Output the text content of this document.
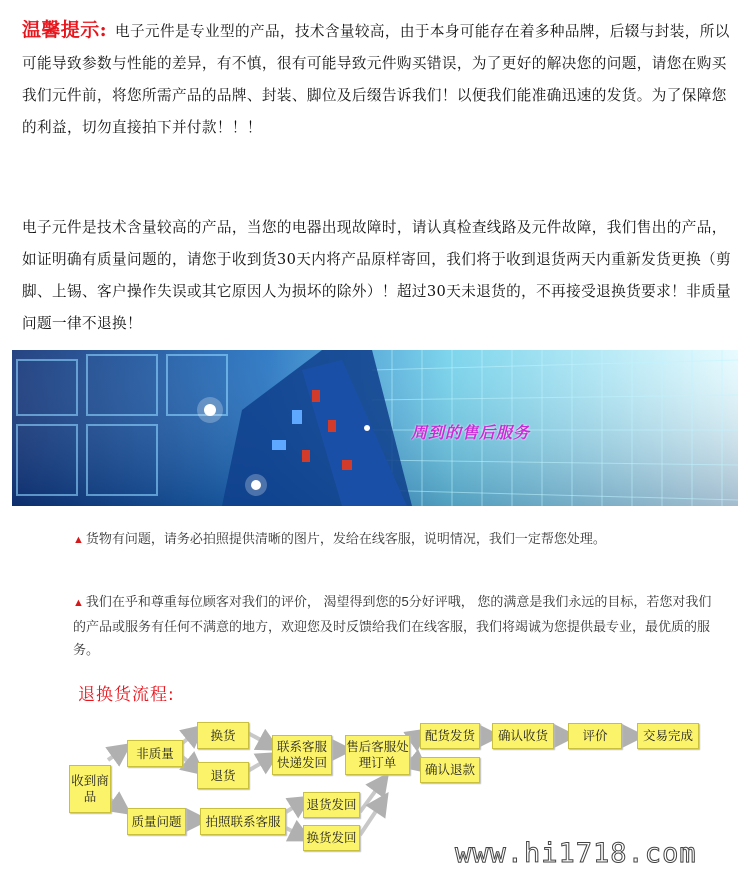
温馨提示: 电子元件是专业型的产品，技术含量较高，由于本身可能存在着多种品牌，后辍与封装，所以可能导致参数与性能的差异，有不慎，很有可能导致元件购买错误，为了更好的解决您的问题，请您在购买我们元件前，将您所需产品的品牌、封装、脚位及后缀告诉我们！以便我们能准确迅速的发货。为了保障您的利益，切勿直接拍下并付款！！！
电子元件是技术含量较高的产品，当您的电器出现故障时，请认真检查线路及元件故障，我们售出的产品，如证明确有质量问题的，请您于收到货30天内将产品原样寄回，我们将于收到退货两天内重新发货更换（剪脚、上锡、客户操作失误或其它原因人为损坏的除外）！超过30天未退货的，不再接受退换货要求！非质量问题一律不退换！
周到的售后服务
▲ 货物有问题，请务必拍照提供清晰的图片，发给在线客服，说明情况，我们一定帮您处理。
▲ 我们在乎和尊重每位顾客对我们的评价， 渴望得到您的5分好评哦， 您的满意是我们永远的目标，若您对我们的产品或服务有任何不满意的地方，欢迎您及时反馈给我们在线客服，我们将竭诚为您提供最专业，最优质的服务。
退换货流程:
收到商品
非质量
换货
退货
联系客服快递发回
售后客服处理订单
配货发货	确认收货	评价	交易完成
确认退款
质量问题	拍照联系客服
退货发回
换货发回	www.hi1718.com
